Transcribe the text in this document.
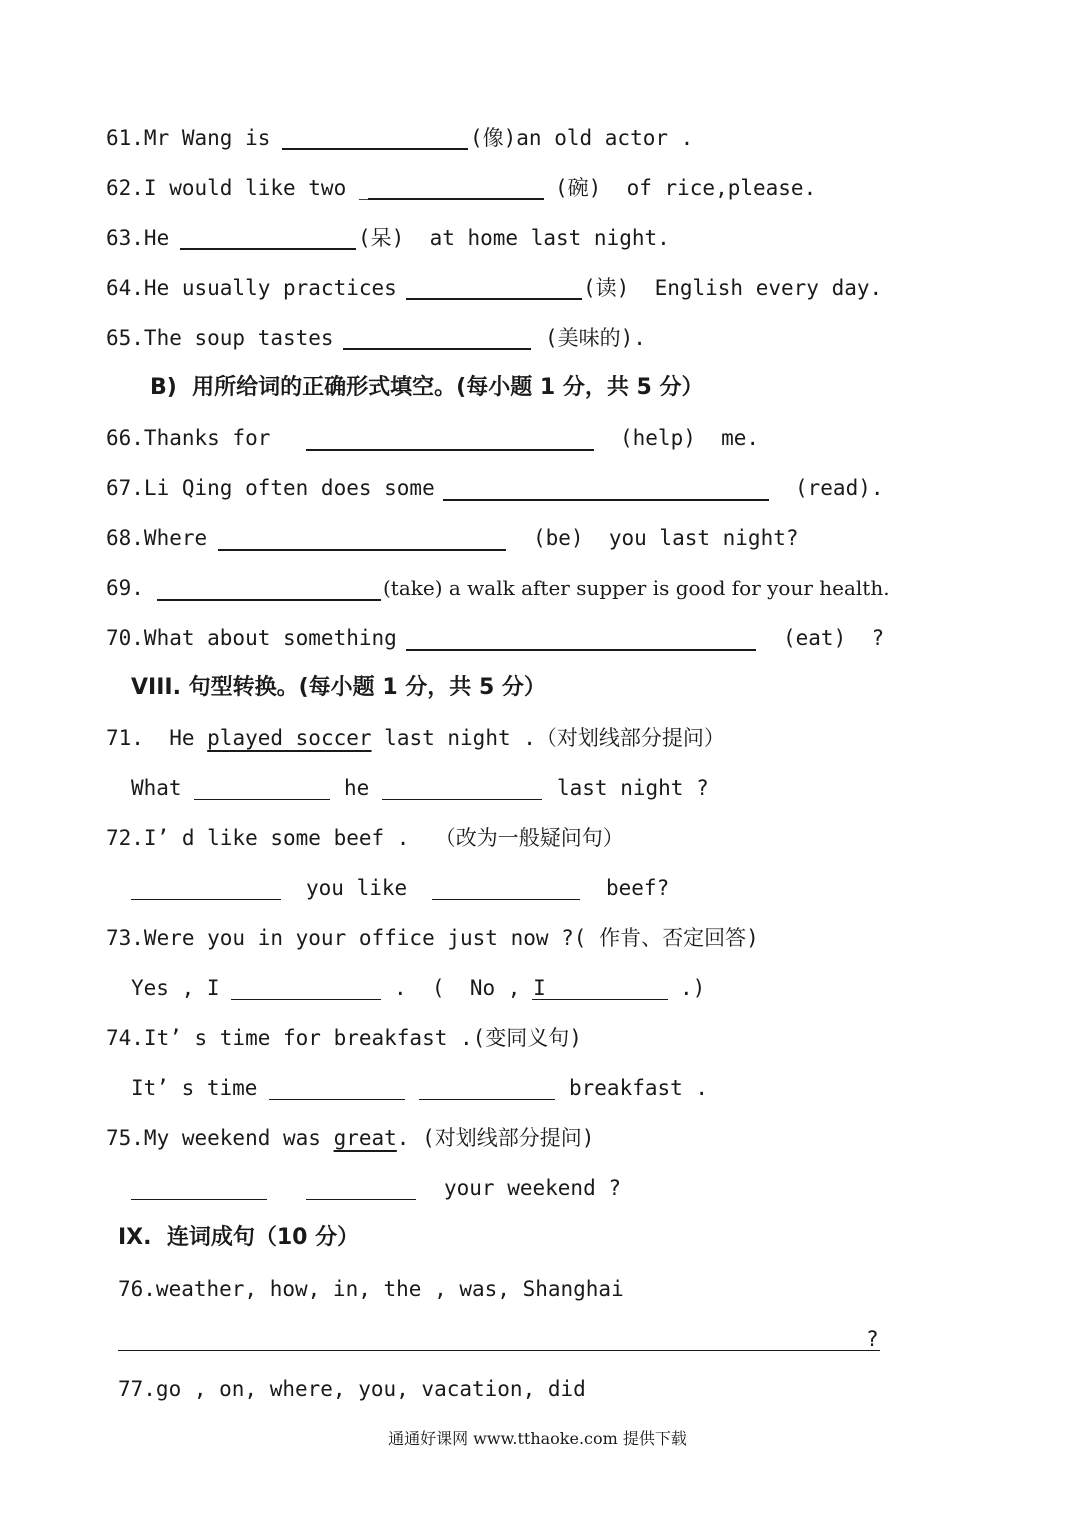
61.Mr Wang is	(像)an old actor .
62.I would like two _	(碗)  of rice,please.
63.He	(呆)  at home last night.
64.He usually practices	(读)  English every day.
65.The soup tastes	(美味的).
B)  用所给词的正确形式填空。(每小题 1 分，共 5 分）
66.Thanks for	(help)  me.
67.Li Qing often does some	(read).
68.Where	(be)  you last night?
69.	(take) a walk after supper is good for your health.
70.What about something	(eat)  ?
VIII. 句型转换。(每小题 1 分，共 5 分）
71.  He played soccer last night .（对划线部分提问）
What	he	last night ?
72.I’ d like some beef .  （改为一般疑问句）
you like	beef?
73.Were you in your office just now ?( 作肯、否定回答)
Yes , I	.  (  No , I	.)
74.It’ s time for breakfast .(变同义句)
It’ s time	breakfast .
75.My weekend was great. (对划线部分提问)
your weekend ?
IX.  连词成句（10 分）
76.weather, how, in, the , was, Shanghai
?
77.go , on, where, you, vacation, did
通通好课网 www.tthaoke.com 提供下载
